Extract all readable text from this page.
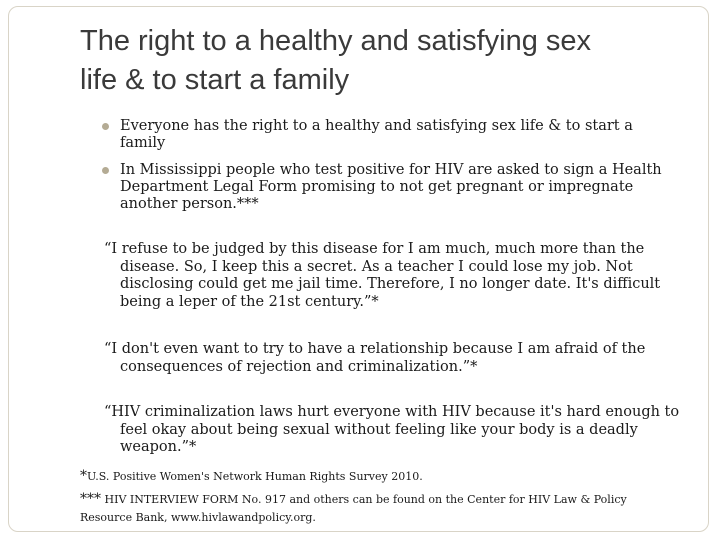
The right to a healthy and satisfying sex
life & to start a family
Everyone has the right to a healthy and satisfying sex life & to start a family
In Mississippi people who test positive for HIV are asked to sign a Health Department Legal Form promising to not get pregnant or impregnate another person.***
“I refuse to be judged by this disease for I am much, much more than the disease. So, I keep this a secret. As a teacher I could lose my job. Not disclosing could get me jail time. Therefore, I no longer date. It's difficult being a leper of the 21st century.”*
“I don't even want to try to have a relationship because I am afraid of the consequences of rejection and criminalization.”*
“HIV criminalization laws hurt everyone with HIV because it's hard enough to feel okay about being sexual without feeling like your body is a deadly weapon.”*
*U.S. Positive Women's Network Human Rights Survey 2010.
*** HIV INTERVIEW FORM No. 917 and others can be found on the Center for HIV Law & Policy Resource Bank, www.hivlawandpolicy.org.
